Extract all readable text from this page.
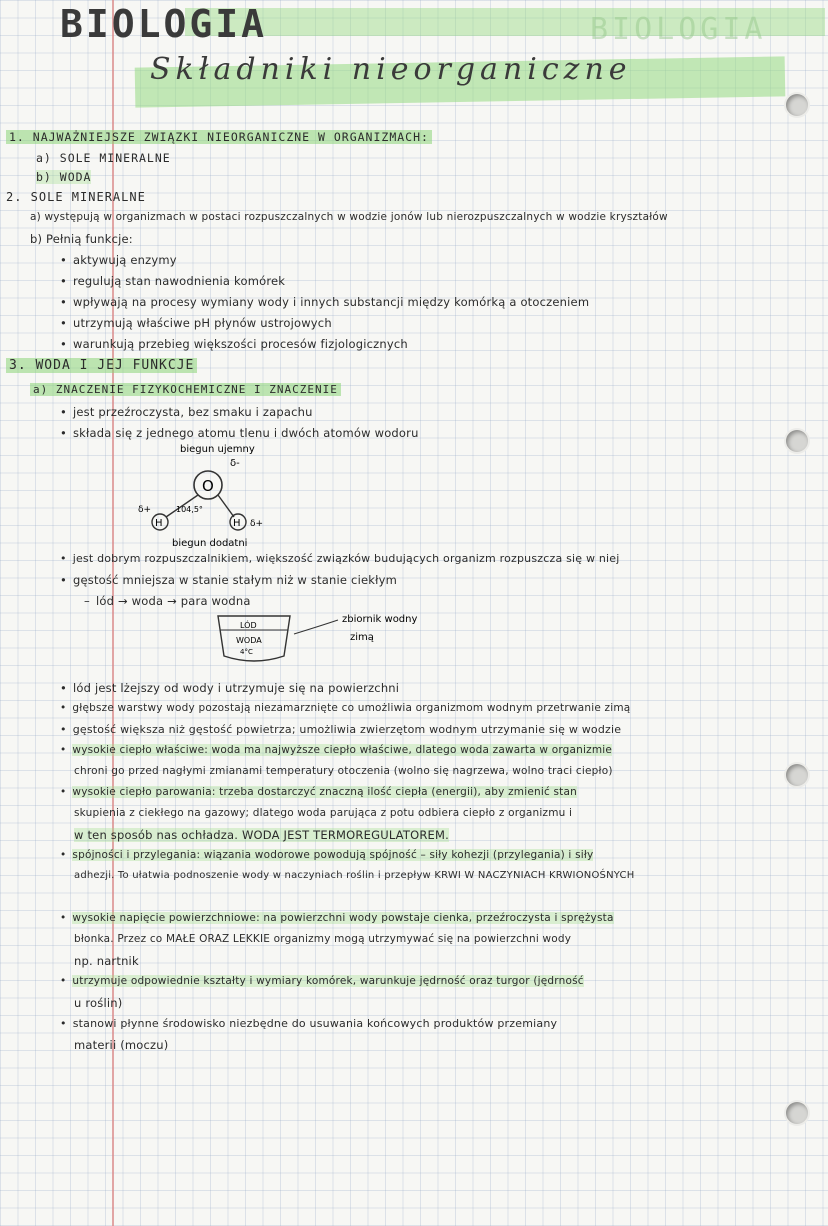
BIOLOGIA
BIOLOGIA
Składniki nieorganiczne
1. NAJWAŻNIEJSZE ZWIĄZKI NIEORGANICZNE W ORGANIZMACH:
a) SOLE MINERALNE
b) WODA
2. SOLE MINERALNE
a) występują w organizmach w postaci rozpuszczalnych w wodzie jonów lub nierozpuszczalnych w wodzie kryształów
b) Pełnią funkcje:
• aktywują enzymy
• regulują stan nawodnienia komórek
• wpływają na procesy wymiany wody i innych substancji między komórką a otoczeniem
• utrzymują właściwe pH płynów ustrojowych
• warunkują przebieg większości procesów fizjologicznych
3. WODA I JEJ FUNKCJE
a) ZNACZENIE FIZYKOCHEMICZNE I ZNACZENIE
• jest przeźroczysta, bez smaku i zapachu
• składa się z jednego atomu tlenu i dwóch atomów wodoru
biegun ujemny
δ-
O
H	H
δ+
δ+
104,5°
biegun dodatni
• jest dobrym rozpuszczalnikiem, większość związków budujących organizm rozpuszcza się w niej
• gęstość mniejsza w stanie stałym niż w stanie ciekłym
– lód → woda → para wodna
LÓD
WODA
4°C
zbiornik wodny
zimą
• lód jest lżejszy od wody i utrzymuje się na powierzchni
• głębsze warstwy wody pozostają niezamarznięte co umożliwia organizmom wodnym przetrwanie zimą
• gęstość większa niż gęstość powietrza; umożliwia zwierzętom wodnym utrzymanie się w wodzie
• wysokie ciepło właściwe: woda ma najwyższe ciepło właściwe, dlatego woda zawarta w organizmie
chroni go przed nagłymi zmianami temperatury otoczenia (wolno się nagrzewa, wolno traci ciepło)
• wysokie ciepło parowania: trzeba dostarczyć znaczną ilość ciepła (energii), aby zmienić stan
skupienia z ciekłego na gazowy; dlatego woda parująca z potu odbiera ciepło z organizmu i
w ten sposób nas ochładza. WODA JEST TERMOREGULATOREM.
• spójności i przylegania: wiązania wodorowe powodują spójność – siły kohezji (przylegania) i siły
adhezji. To ułatwia podnoszenie wody w naczyniach roślin i przepływ KRWI W NACZYNIACH KRWIONOŚNYCH
• wysokie napięcie powierzchniowe: na powierzchni wody powstaje cienka, przeźroczysta i sprężysta
błonka. Przez co MAŁE ORAZ LEKKIE organizmy mogą utrzymywać się na powierzchni wody
np. nartnik
• utrzymuje odpowiednie kształty i wymiary komórek, warunkuje jędrność oraz turgor (jędrność
u roślin)
• stanowi płynne środowisko niezbędne do usuwania końcowych produktów przemiany
materii (moczu)
